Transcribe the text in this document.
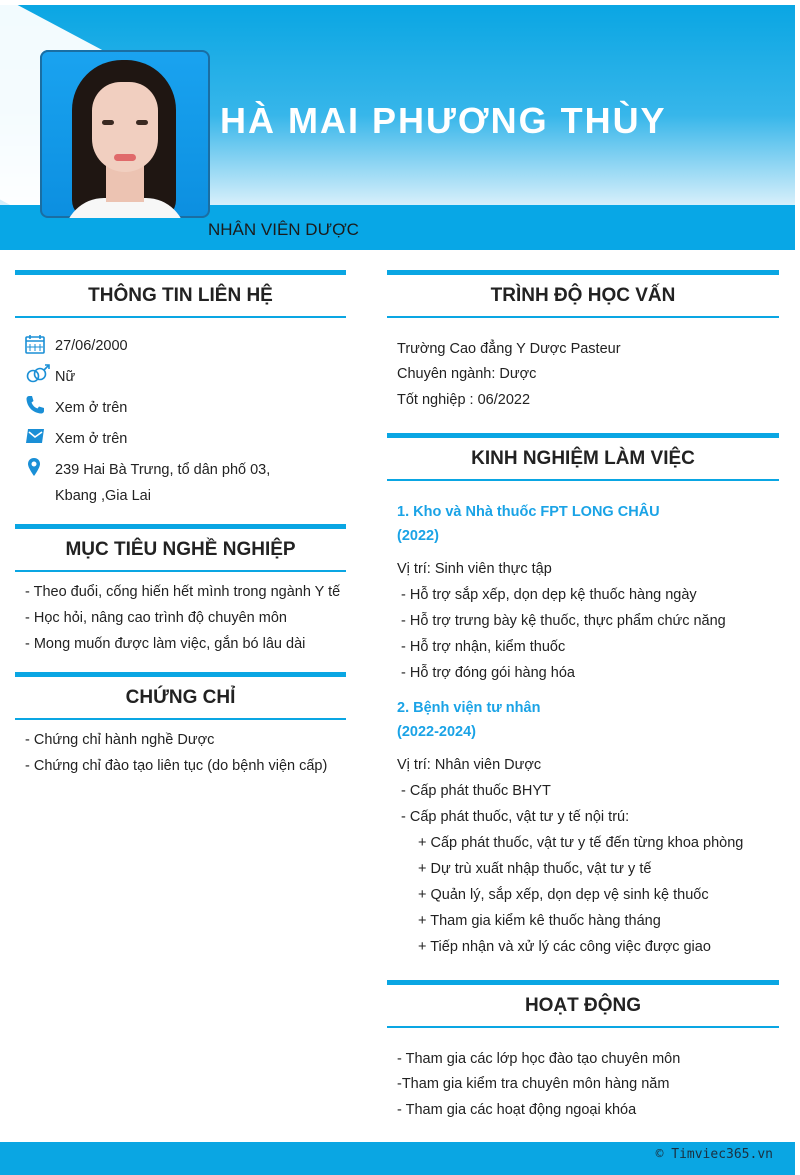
HÀ MAI PHƯƠNG THÙY
NHÂN VIÊN DƯỢC
THÔNG TIN LIÊN HỆ
27/06/2000
Nữ
Xem ở trên
Xem ở trên
239 Hai Bà Trưng, tổ dân phố 03,
Kbang ,Gia Lai
MỤC TIÊU NGHỀ NGHIỆP
- Theo đuổi, cống hiến hết mình trong ngành Y tế
- Học hỏi, nâng cao trình độ chuyên môn
- Mong muốn được làm việc, gắn bó lâu dài
CHỨNG CHỈ
- Chứng chỉ hành nghề Dược
- Chứng chỉ đào tạo liên tục (do bệnh viện cấp)
TRÌNH ĐỘ HỌC VẤN
Trường Cao đẳng Y Dược Pasteur
Chuyên ngành: Dược
Tốt nghiệp : 06/2022
KINH NGHIỆM LÀM VIỆC
1. Kho và Nhà thuốc FPT LONG CHÂU
(2022)
Vị trí: Sinh viên thực tập
- Hỗ trợ sắp xếp, dọn dẹp kệ thuốc hàng ngày
- Hỗ trợ trưng bày kệ thuốc, thực phẩm chức năng
- Hỗ trợ nhận, kiểm thuốc
- Hỗ trợ đóng gói hàng hóa
2. Bệnh viện tư nhân
(2022-2024)
Vị trí: Nhân viên Dược
- Cấp phát thuốc BHYT
- Cấp phát thuốc, vật tư y tế nội trú:
+ Cấp phát thuốc, vật tư y tế đến từng khoa phòng
+ Dự trù xuất nhập thuốc, vật tư y tế
+ Quản lý, sắp xếp, dọn dẹp vệ sinh kệ thuốc
+ Tham gia kiểm kê thuốc hàng tháng
+ Tiếp nhận và xử lý các công việc được giao
HOẠT ĐỘNG
- Tham gia các lớp học đào tạo chuyên môn
-Tham gia kiểm tra chuyên môn hàng năm
- Tham gia các hoạt động ngoại khóa
© Timviec365.vn
